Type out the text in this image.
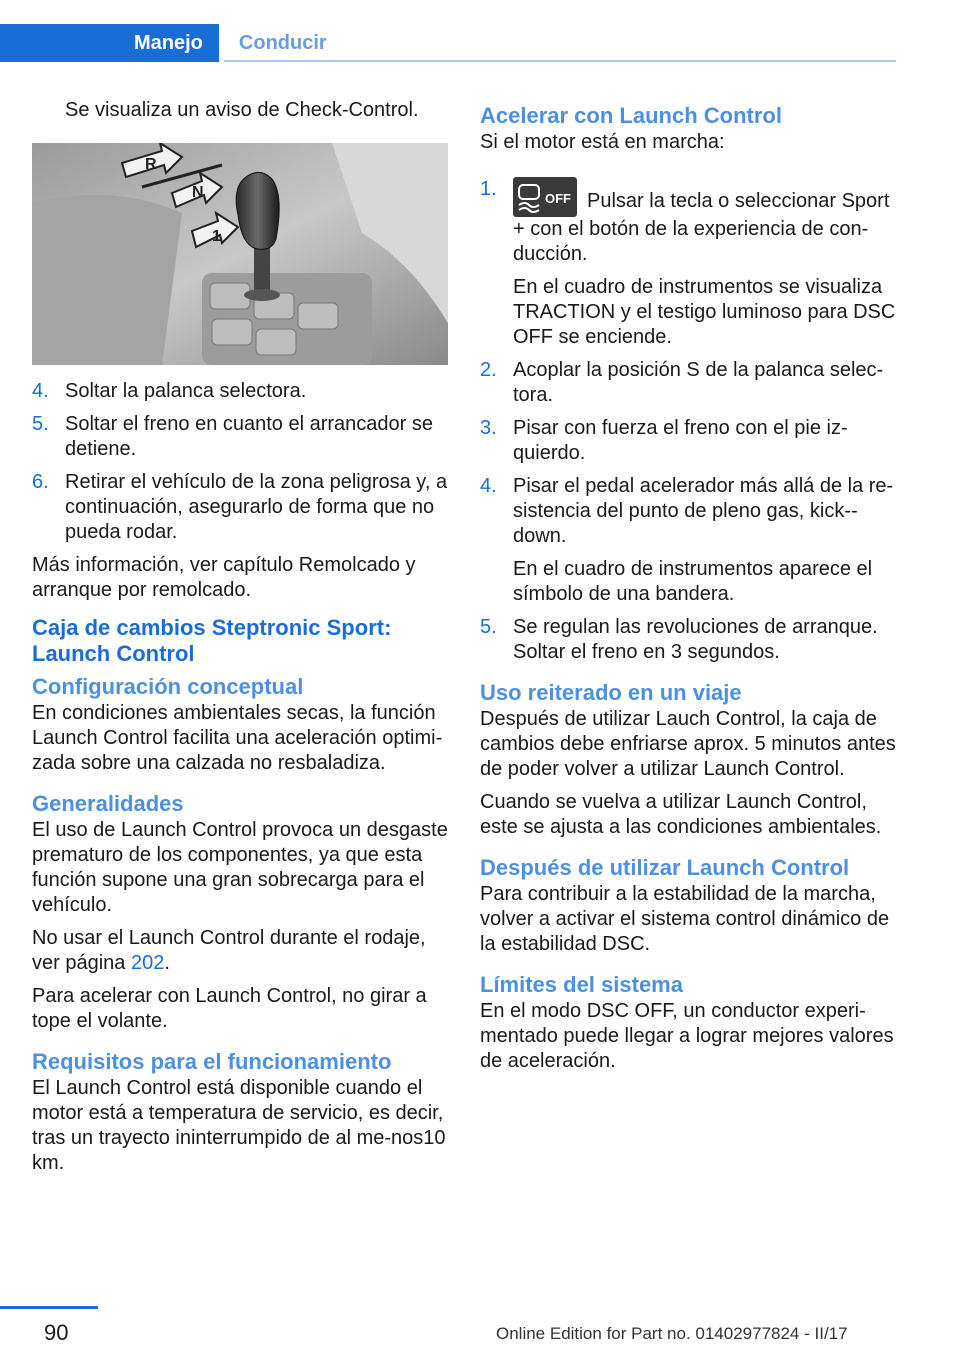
Manejo	Conducir

Se visualiza un aviso de Check-Control.

R
N
1
4. Soltar la palanca selectora.
5. Soltar el freno en cuanto el arrancador se detiene.
6. Retirar el vehículo de la zona peligrosa y, a continuación, asegurarlo de forma que no pueda rodar.

Más información, ver capítulo Remolcado y arranque por remolcado.

Caja de cambios Steptronic Sport: Launch Control
Configuración conceptual

En condiciones ambientales secas, la función Launch Control facilita una aceleración optimi-zada sobre una calzada no resbaladiza.

Generalidades

El uso de Launch Control provoca un desgaste prematuro de los componentes, ya que esta función supone una gran sobrecarga para el vehículo.

No usar el Launch Control durante el rodaje, ver página 202.

Para acelerar con Launch Control, no girar a tope el volante.

Requisitos para el funcionamiento

El Launch Control está disponible cuando el motor está a temperatura de servicio, es decir, tras un trayecto ininterrumpido de al me-nos10 km.

Acelerar con Launch Control

Si el motor está en marcha:

1.	OFF Pulsar la tecla o seleccionar Sport + con el botón de la experiencia de con-ducción.

En el cuadro de instrumentos se visualiza TRACTION y el testigo luminoso para DSC OFF se enciende.

2. Acoplar la posición S de la palanca selec-tora.
3. Pisar con fuerza el freno con el pie iz-quierdo.
4. Pisar el pedal acelerador más allá de la re-sistencia del punto de pleno gas, kick--down.

En el cuadro de instrumentos aparece el símbolo de una bandera.

5. Se regulan las revoluciones de arranque. Soltar el freno en 3 segundos.
Uso reiterado en un viaje

Después de utilizar Lauch Control, la caja de cambios debe enfriarse aprox. 5 minutos antes de poder volver a utilizar Launch Control.

Cuando se vuelva a utilizar Launch Control, este se ajusta a las condiciones ambientales.

Después de utilizar Launch Control

Para contribuir a la estabilidad de la marcha, volver a activar el sistema control dinámico de la estabilidad DSC.

Límites del sistema

En el modo DSC OFF, un conductor experi-mentado puede llegar a lograr mejores valores de aceleración.

90	Online Edition for Part no. 01402977824 - II/17
